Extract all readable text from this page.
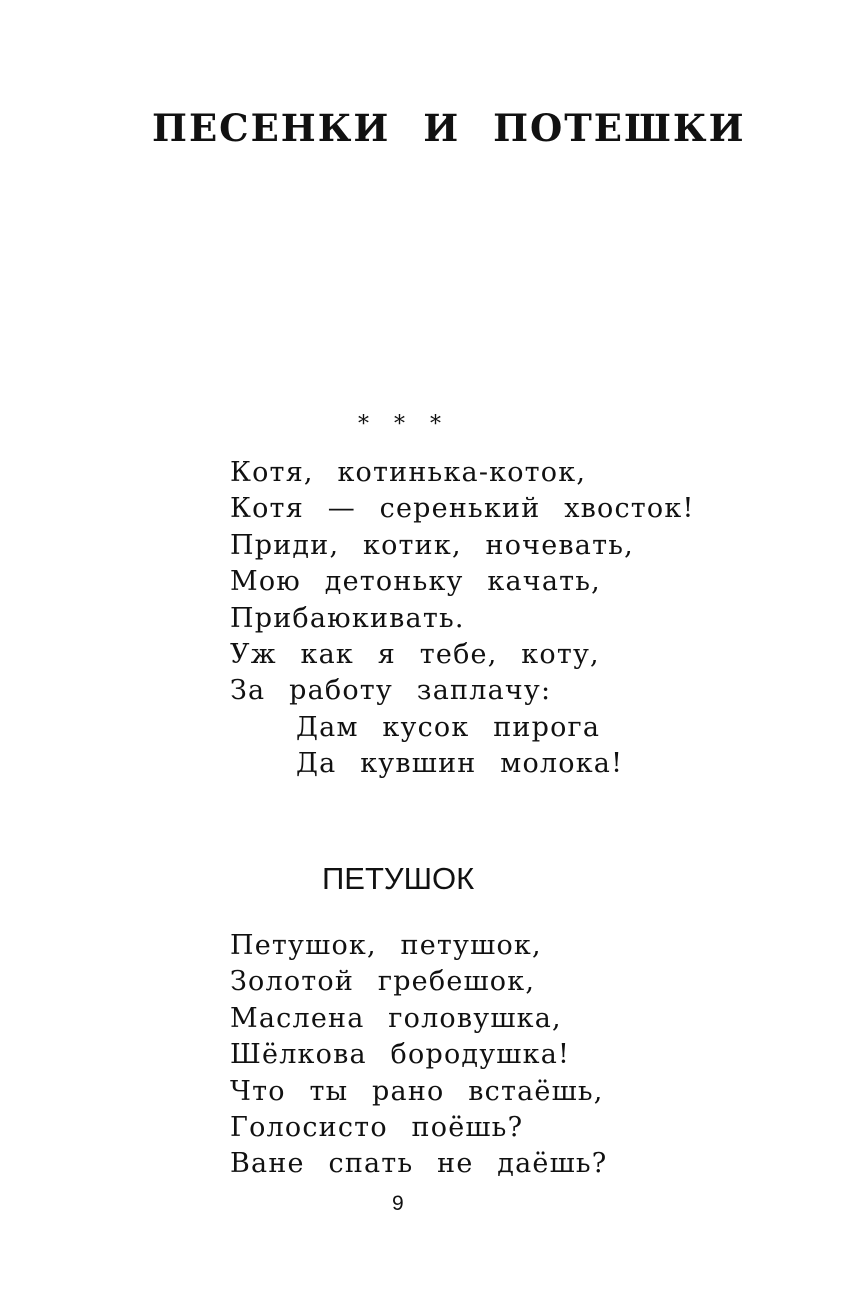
ПЕСЕНКИ И ПОТЕШКИ
* * *
Котя, котинька-коток,
Котя — серенький хвосток!
Приди, котик, ночевать,
Мою детоньку качать,
Прибаюкивать.
Уж как я тебе, коту,
За работу заплачу:
Дам кусок пирога
Да кувшин молока!
ПЕТУШОК
Петушок, петушок,
Золотой гребешок,
Маслена головушка,
Шёлкова бородушка!
Что ты рано встаёшь,
Голосисто поёшь?
Ване спать не даёшь?
9
